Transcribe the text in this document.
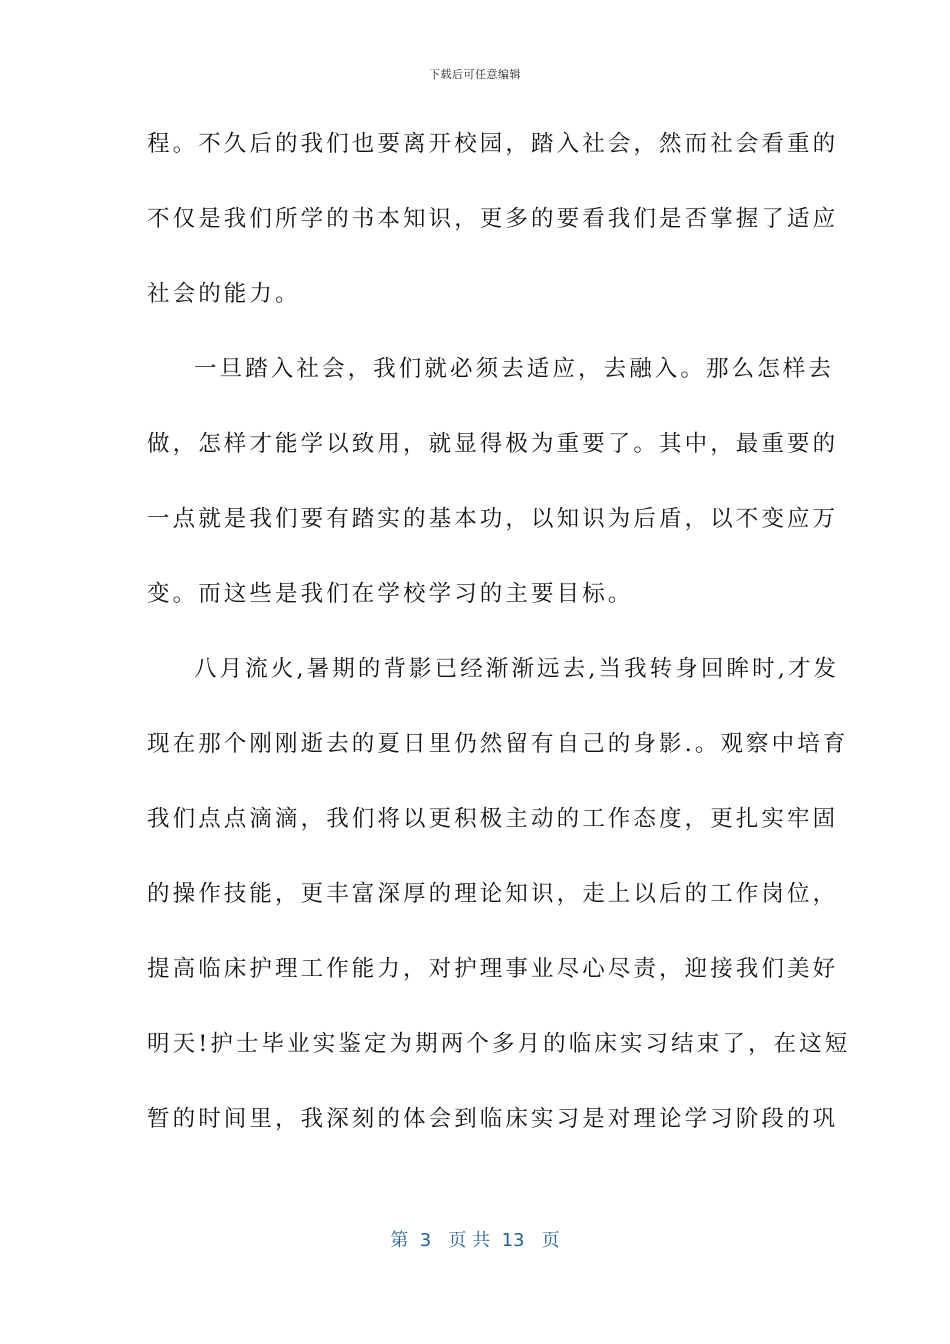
下载后可任意编辑
程。不久后的我们也要离开校园，踏入社会，然而社会看重的
不仅是我们所学的书本知识，更多的要看我们是否掌握了适应
社会的能力。
一旦踏入社会，我们就必须去适应，去融入。那么怎样去
做，怎样才能学以致用，就显得极为重要了。其中，最重要的
一点就是我们要有踏实的基本功，以知识为后盾，以不变应万
变。而这些是我们在学校学习的主要目标。
八月流火,暑期的背影已经渐渐远去,当我转身回眸时,才发
现在那个刚刚逝去的夏日里仍然留有自己的身影.。观察中培育
我们点点滴滴，我们将以更积极主动的工作态度，更扎实牢固
的操作技能，更丰富深厚的理论知识，走上以后的工作岗位，
提高临床护理工作能力，对护理事业尽心尽责，迎接我们美好
明天!护士毕业实鉴定为期两个多月的临床实习结束了，在这短
暂的时间里，我深刻的体会到临床实习是对理论学习阶段的巩
第  3   页 共  13   页
